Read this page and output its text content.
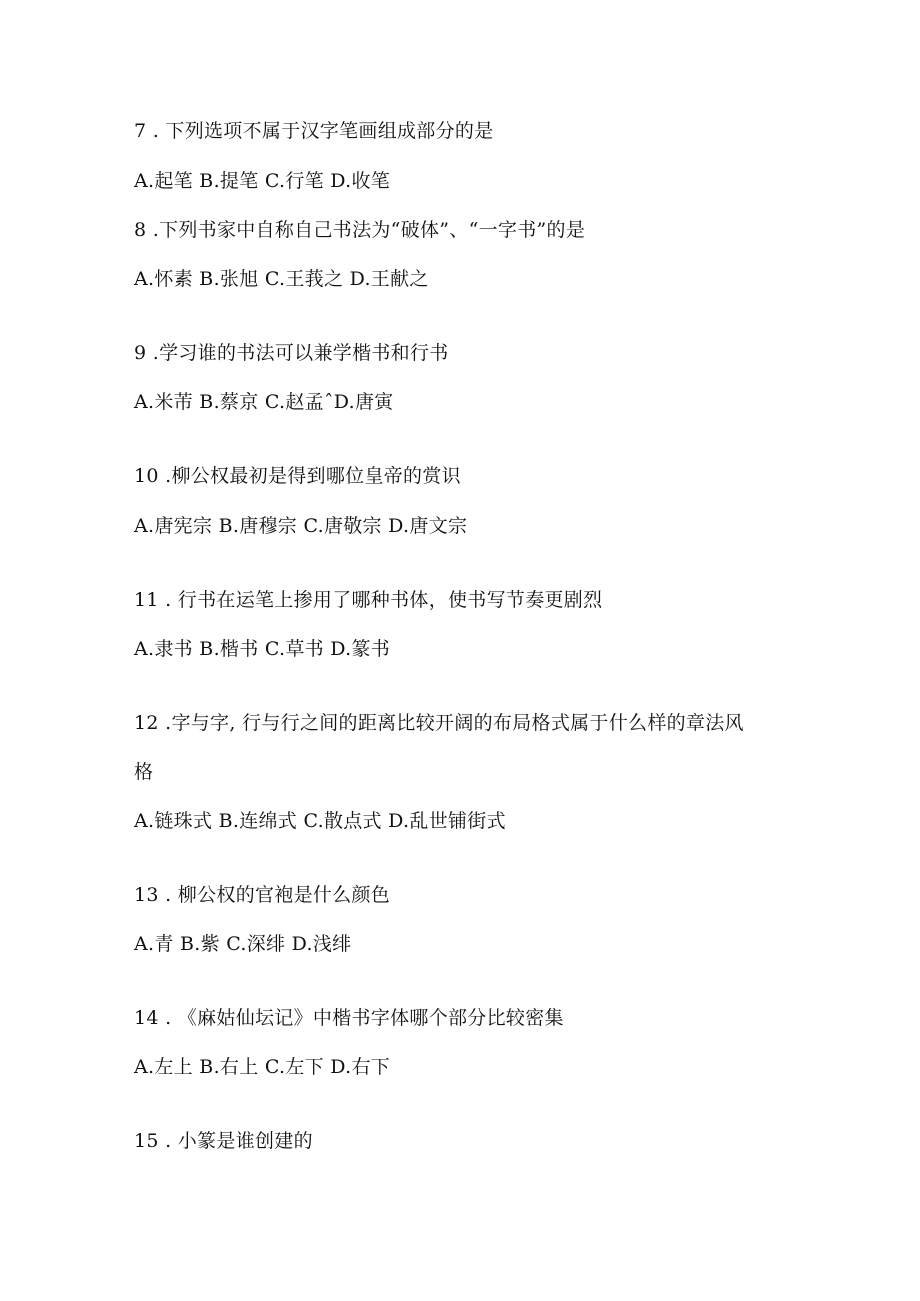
7 . 下列选项不属于汉字笔画组成部分的是
A.起笔 B.提笔 C.行笔 D.收笔
8 .下列书家中自称自己书法为“破体”、“一字书”的是
A.怀素 B.张旭 C.王莪之 D.王献之
9 .学习谁的书法可以兼学楷书和行书
A.米芾 B.蔡京 C.赵孟ˆD.唐寅
10 .柳公权最初是得到哪位皇帝的赏识
A.唐宪宗 B.唐穆宗 C.唐敬宗 D.唐文宗
11 . 行书在运笔上掺用了哪种书体，使书写节奏更剧烈
A.隶书 B.楷书 C.草书 D.篆书
12 .字与字, 行与行之间的距离比较开阔的布局格式属于什么样的章法风
格
A.链珠式 B.连绵式 C.散点式 D.乱世铺街式
13 . 柳公权的官袍是什么颜色
A.青 B.紫 C.深绯 D.浅绯
14 . 《麻姑仙坛记》中楷书字体哪个部分比较密集
A.左上 B.右上 C.左下 D.右下
15 . 小篆是谁创建的
